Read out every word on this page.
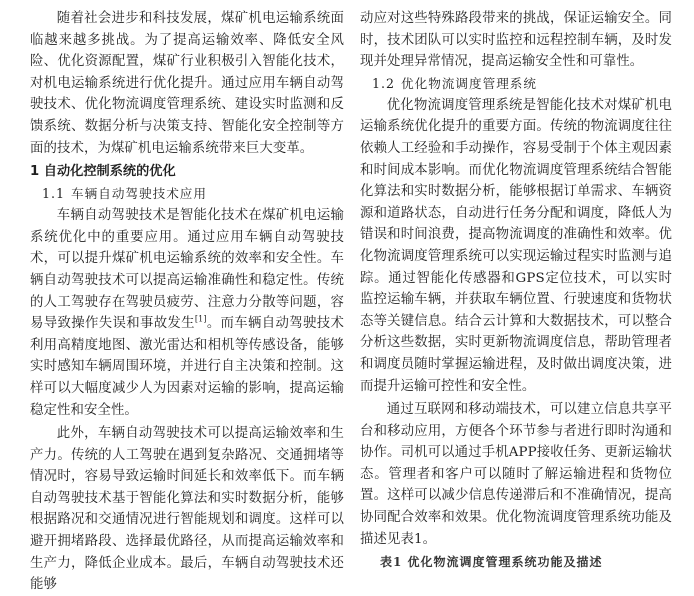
随着社会进步和科技发展，煤矿机电运输系统面临越来越多挑战。为了提高运输效率、降低安全风险、优化资源配置，煤矿行业积极引入智能化技术，对机电运输系统进行优化提升。通过应用车辆自动驾驶技术、优化物流调度管理系统、建设实时监测和反馈系统、数据分析与决策支持、智能化安全控制等方面的技术，为煤矿机电运输系统带来巨大变革。

1 自动化控制系统的优化
1.1 车辆自动驾驶技术应用

车辆自动驾驶技术是智能化技术在煤矿机电运输系统优化中的重要应用。通过应用车辆自动驾驶技术，可以提升煤矿机电运输系统的效率和安全性。车辆自动驾驶技术可以提高运输准确性和稳定性。传统的人工驾驶存在驾驶员疲劳、注意力分散等问题，容易导致操作失误和事故发生[1]。而车辆自动驾驶技术利用高精度地图、激光雷达和相机等传感设备，能够实时感知车辆周围环境，并进行自主决策和控制。这样可以大幅度减少人为因素对运输的影响，提高运输稳定性和安全性。

此外，车辆自动驾驶技术可以提高运输效率和生产力。传统的人工驾驶在遇到复杂路况、交通拥堵等情况时，容易导致运输时间延长和效率低下。而车辆自动驾驶技术基于智能化算法和实时数据分析，能够根据路况和交通情况进行智能规划和调度。这样可以避开拥堵路段、选择最优路径，从而提高运输效率和生产力，降低企业成本。最后，车辆自动驾驶技术还能够

动应对这些特殊路段带来的挑战，保证运输安全。同时，技术团队可以实时监控和远程控制车辆，及时发现并处理异常情况，提高运输安全性和可靠性。

1.2 优化物流调度管理系统

优化物流调度管理系统是智能化技术对煤矿机电运输系统优化提升的重要方面。传统的物流调度往往依赖人工经验和手动操作，容易受制于个体主观因素和时间成本影响。而优化物流调度管理系统结合智能化算法和实时数据分析，能够根据订单需求、车辆资源和道路状态，自动进行任务分配和调度，降低人为错误和时间浪费，提高物流调度的准确性和效率。优化物流调度管理系统可以实现运输过程实时监测与追踪。通过智能化传感器和GPS定位技术，可以实时监控运输车辆，并获取车辆位置、行驶速度和货物状态等关键信息。结合云计算和大数据技术，可以整合分析这些数据，实时更新物流调度信息，帮助管理者和调度员随时掌握运输进程，及时做出调度决策，进而提升运输可控性和安全性。

通过互联网和移动端技术，可以建立信息共享平台和移动应用，方便各个环节参与者进行即时沟通和协作。司机可以通过手机APP接收任务、更新运输状态。管理者和客户可以随时了解运输进程和货物位置。这样可以减少信息传递滞后和不准确情况，提高协同配合效率和效果。优化物流调度管理系统功能及描述见表1。

表1 优化物流调度管理系统功能及描述
